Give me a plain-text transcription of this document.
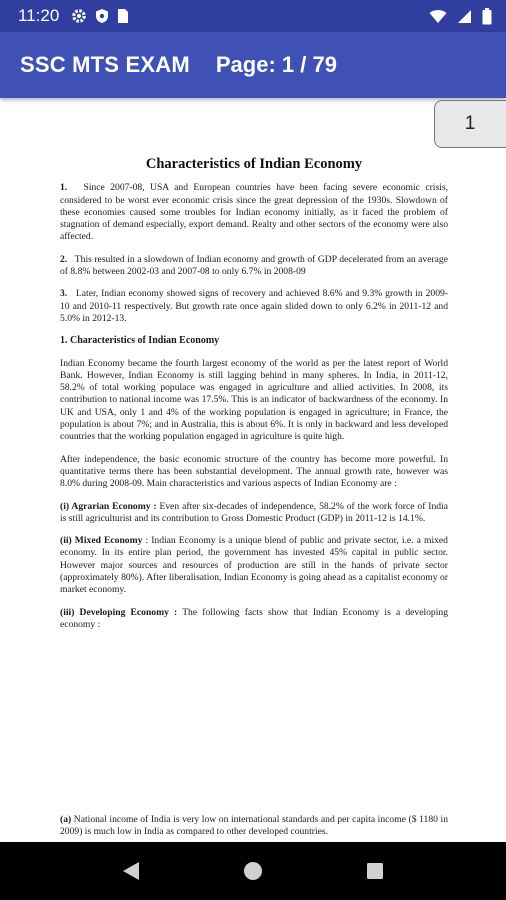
11:20
SSC MTS EXAM Page: 1 / 79
1
Characteristics of Indian Economy

1. Since 2007-08, USA and European countries have been facing severe economic crisis, considered to be worst ever economic crisis since the great depression of the 1930s. Slowdown of these economies caused some troubles for Indian economy initially, as it faced the problem of stagnation of demand especially, export demand. Realty and other sectors of the economy were also affected.

2. This resulted in a slowdown of Indian economy and growth of GDP decelerated from an average of 8.8% between 2002-03 and 2007-08 to only 6.7% in 2008-09

3. Later, Indian economy showed signs of recovery and achieved 8.6% and 9.3% growth in 2009-10 and 2010-11 respectively. But growth rate once again slided down to only 6.2% in 2011-12 and 5.0% in 2012-13.

1. Characteristics of Indian Economy

Indian Economy became the fourth largest economy of the world as per the latest report of World Bank. However, Indian Economy is still lagging behind in many spheres. In India, in 2011-12, 58.2% of total working populace was engaged in agriculture and allied activities. In 2008, its contribution to national income was 17.5%. This is an indicator of backwardness of the economy. In UK and USA, only 1 and 4% of the working population is engaged in agriculture; in France, the population is about 7%; and in Australia, this is about 6%. It is only in backward and less developed countries that the working population engaged in agriculture is quite high.

After independence, the basic economic structure of the country has become more powerful. In quantitative terms there has been substantial development. The annual growth rate, however was 8.0% during 2008-09. Main characteristics and various aspects of Indian Economy are :

(i) Agrarian Economy : Even after six-decades of independence, 58.2% of the work force of India is still agriculturist and its contribution to Gross Domestic Product (GDP) in 2011-12 is 14.1%.

(ii) Mixed Economy : Indian Economy is a unique blend of public and private sector, i.e. a mixed economy. In its entire plan period, the government has invested 45% capital in public sector. However major sources and resources of production are still in the hands of private sector (approximately 80%). After liberalisation, Indian Economy is going ahead as a capitalist economy or market economy.

(iii) Developing Economy : The following facts show that Indian Economy is a developing economy :

(a) National income of India is very low on international standards and per capita income ($ 1180 in 2009) is much low in India as compared to other developed countries.
